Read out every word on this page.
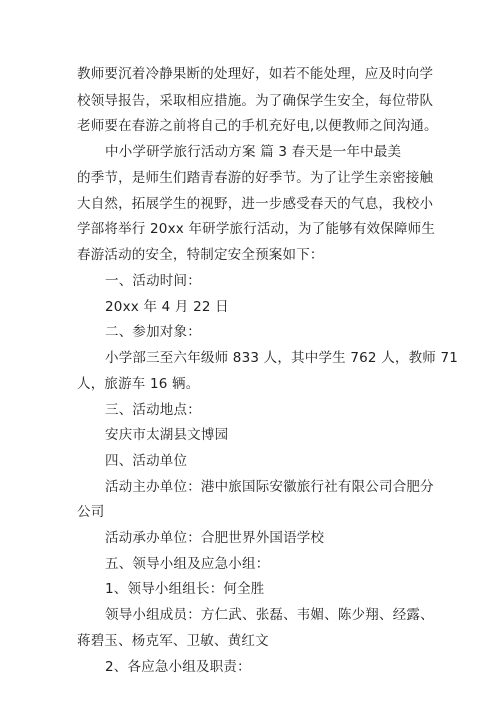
教师要沉着冷静果断的处理好，如若不能处理，应及时向学
校领导报告，采取相应措施。为了确保学生安全，每位带队
老师要在春游之前将自己的手机充好电,以便教师之间沟通。
中小学研学旅行活动方案 篇 3 春天是一年中最美
的季节，是师生们踏青春游的好季节。为了让学生亲密接触
大自然，拓展学生的视野，进一步感受春天的气息，我校小
学部将举行 20xx 年研学旅行活动，为了能够有效保障师生
春游活动的安全，特制定安全预案如下：
一、活动时间：
20xx 年 4 月 22 日
二、参加对象：
小学部三至六年级师 833 人，其中学生 762 人，教师 71
人，旅游车 16 辆。
三、活动地点：
安庆市太湖县文博园
四、活动单位
活动主办单位：港中旅国际安徽旅行社有限公司合肥分
公司
活动承办单位：合肥世界外国语学校
五、领导小组及应急小组：
1、领导小组组长：何全胜
领导小组成员：方仁武、张磊、韦媚、陈少翔、经露、
蒋碧玉、杨克军、卫敏、黄红文
2、各应急小组及职责：
